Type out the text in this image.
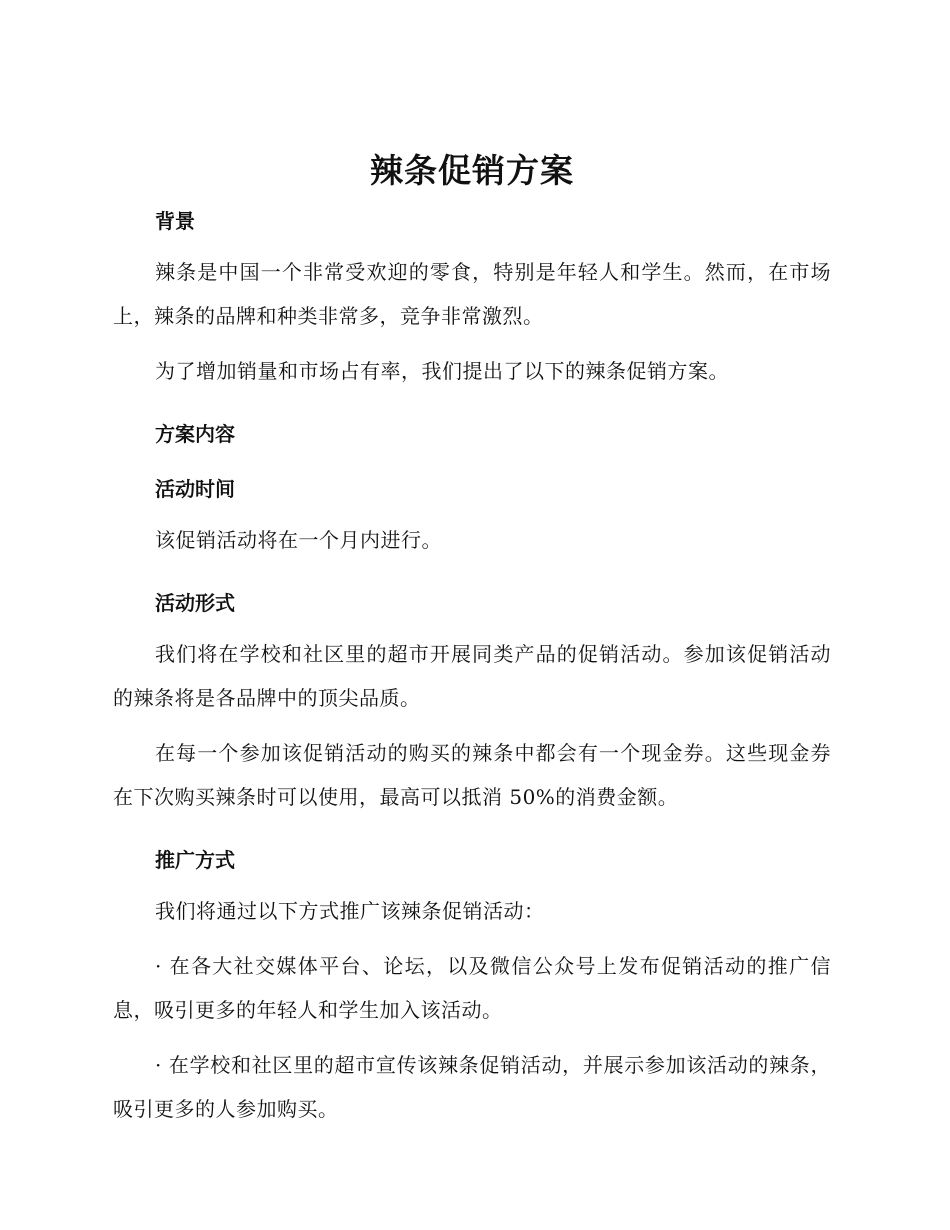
辣条促销方案
背景

辣条是中国一个非常受欢迎的零食，特别是年轻人和学生。然而，在市场上，辣条的品牌和种类非常多，竞争非常激烈。

为了增加销量和市场占有率，我们提出了以下的辣条促销方案。

方案内容
活动时间

该促销活动将在一个月内进行。

活动形式

我们将在学校和社区里的超市开展同类产品的促销活动。参加该促销活动的辣条将是各品牌中的顶尖品质。

在每一个参加该促销活动的购买的辣条中都会有一个现金券。这些现金券在下次购买辣条时可以使用，最高可以抵消 50%的消费金额。

推广方式

我们将通过以下方式推广该辣条促销活动：

· 在各大社交媒体平台、论坛，以及微信公众号上发布促销活动的推广信息，吸引更多的年轻人和学生加入该活动。

· 在学校和社区里的超市宣传该辣条促销活动，并展示参加该活动的辣条，吸引更多的人参加购买。
